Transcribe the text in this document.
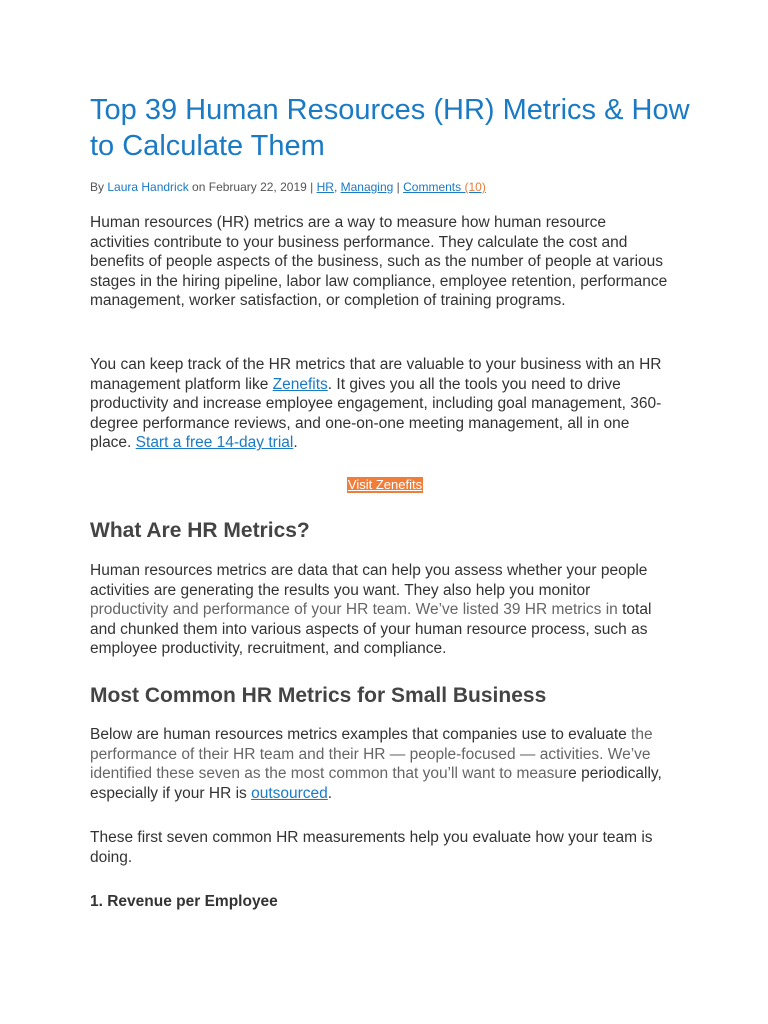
Top 39 Human Resources (HR) Metrics & How to Calculate Them
By Laura Handrick on February 22, 2019 | HR, Managing | Comments (10)

Human resources (HR) metrics are a way to measure how human resource activities contribute to your business performance. They calculate the cost and benefits of people aspects of the business, such as the number of people at various stages in the hiring pipeline, labor law compliance, employee retention, performance management, worker satisfaction, or completion of training programs.

You can keep track of the HR metrics that are valuable to your business with an HR management platform like Zenefits. It gives you all the tools you need to drive productivity and increase employee engagement, including goal management, 360-degree performance reviews, and one-on-one meeting management, all in one place. Start a free 14-day trial.

Visit Zenefits
What Are HR Metrics?

Human resources metrics are data that can help you assess whether your people activities are generating the results you want. They also help you monitor productivity and performance of your HR team. We’ve listed 39 HR metrics in total and chunked them into various aspects of your human resource process, such as employee productivity, recruitment, and compliance.

Most Common HR Metrics for Small Business

Below are human resources metrics examples that companies use to evaluate the performance of their HR team and their HR — people-focused — activities. We’ve identified these seven as the most common that you’ll want to measure periodically, especially if your HR is outsourced.

These first seven common HR measurements help you evaluate how your team is doing.

1. Revenue per Employee
